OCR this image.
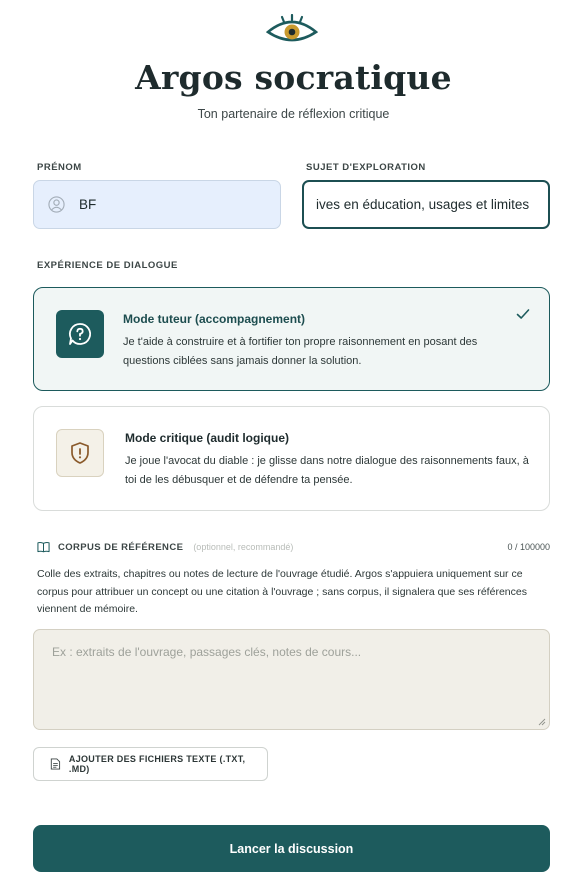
Argos socratique
Ton partenaire de réflexion critique
PRÉNOM
BF
SUJET D'EXPLORATION
ives en éducation, usages et limites
EXPÉRIENCE DE DIALOGUE
Mode tuteur (accompagnement)
Je t'aide à construire et à fortifier ton propre raisonnement en posant des questions ciblées sans jamais donner la solution.
Mode critique (audit logique)
Je joue l'avocat du diable : je glisse dans notre dialogue des raisonnements faux, à toi de les débusquer et de défendre ta pensée.
CORPUS DE RÉFÉRENCE (optionnel, recommandé)	0 / 100000
Colle des extraits, chapitres ou notes de lecture de l'ouvrage étudié. Argos s'appuiera uniquement sur ce corpus pour attribuer un concept ou une citation à l'ouvrage ; sans corpus, il signalera que ses références viennent de mémoire.
Ex : extraits de l'ouvrage, passages clés, notes de cours...
AJOUTER DES FICHIERS TEXTE (.TXT, .MD)
Lancer la discussion
